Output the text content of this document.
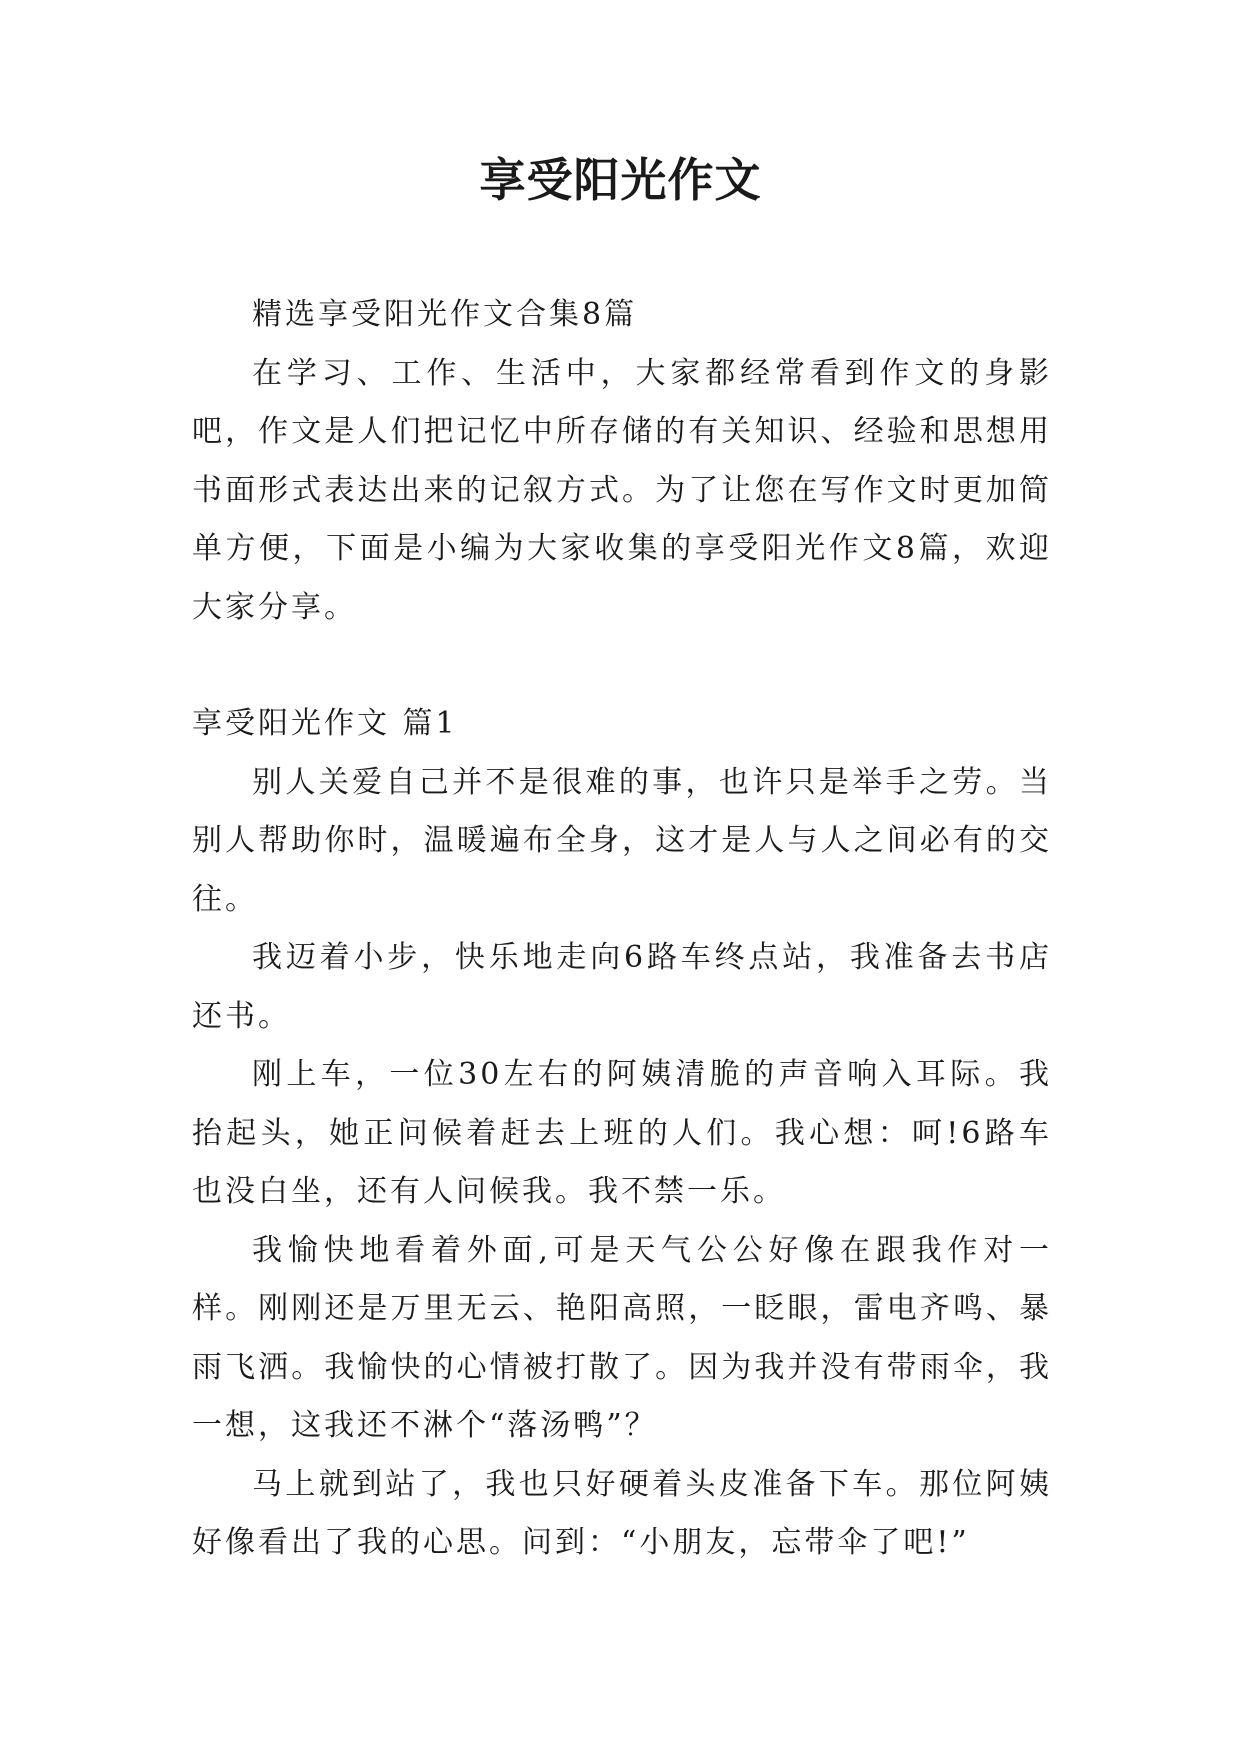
享受阳光作文

精选享受阳光作文合集8篇

在学习、工作、生活中，大家都经常看到作文的身影吧，作文是人们把记忆中所存储的有关知识、经验和思想用书面形式表达出来的记叙方式。为了让您在写作文时更加简单方便，下面是小编为大家收集的享受阳光作文8篇，欢迎大家分享。

享受阳光作文 篇1

别人关爱自己并不是很难的事，也许只是举手之劳。当别人帮助你时，温暖遍布全身，这才是人与人之间必有的交往。

我迈着小步，快乐地走向6路车终点站，我准备去书店还书。

刚上车，一位30左右的阿姨清脆的声音响入耳际。我抬起头，她正问候着赶去上班的人们。我心想：呵!6路车也没白坐，还有人问候我。我不禁一乐。

我愉快地看着外面,可是天气公公好像在跟我作对一样。刚刚还是万里无云、艳阳高照，一眨眼，雷电齐鸣、暴雨飞洒。我愉快的心情被打散了。因为我并没有带雨伞，我一想，这我还不淋个“落汤鸭”？

马上就到站了，我也只好硬着头皮准备下车。那位阿姨好像看出了我的心思。问到：“小朋友，忘带伞了吧!”
